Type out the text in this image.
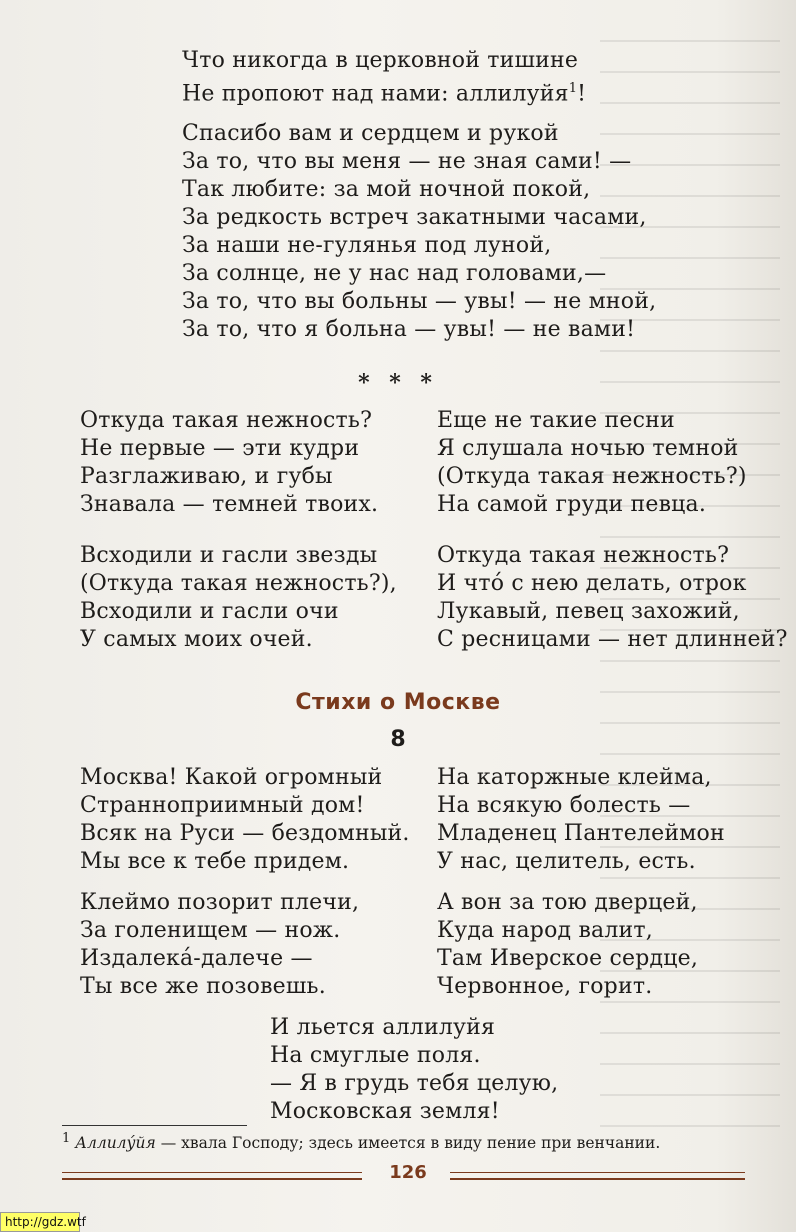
Что никогда в церковной тишине
Не пропоют над нами: аллилуйя$^1$!
Спасибо вам и сердцем и рукой
За то, что вы меня — не зная сами! —
Так любите: за мой ночной покой,
За редкость встреч закатными часами,
За наши не-гулянья под луной,
За солнце, не у нас над головами,—
За то, что вы больны — увы! — не мной,
За то, что я больна — увы! — не вами!
* * *
Откуда такая нежность?
Не первые — эти кудри
Разглаживаю, и губы
Знавала — темней твоих.
Всходили и гасли звезды
(Откуда такая нежность?),
Всходили и гасли очи
У самых моих очей.
Еще не такие песни
Я слушала ночью темной
(Откуда такая нежность?)
На самой груди певца.
Откуда такая нежность?
И что́ с нею делать, отрок
Лукавый, певец захожий,
С ресницами — нет длинней?
Стихи о Москве
8
Москва! Какой огромный
Странноприимный дом!
Всяк на Руси — бездомный.
Мы все к тебе придем.
Клеймо позорит плечи,
За голенищем — нож.
Издалека́-далече —
Ты все же позовешь.
На каторжные клейма,
На всякую болесть —
Младенец Пантелеймон
У нас, целитель, есть.
А вон за тою дверцей,
Куда народ валит,
Там Иверское сердце,
Червонное, горит.
И льется аллилуйя
На смуглые поля.
— Я в грудь тебя целую,
Московская земля!
$^1$ Аллилу́йя — хвала Господу; здесь имеется в виду пение при венчании.
126
http://gdz.wtf
